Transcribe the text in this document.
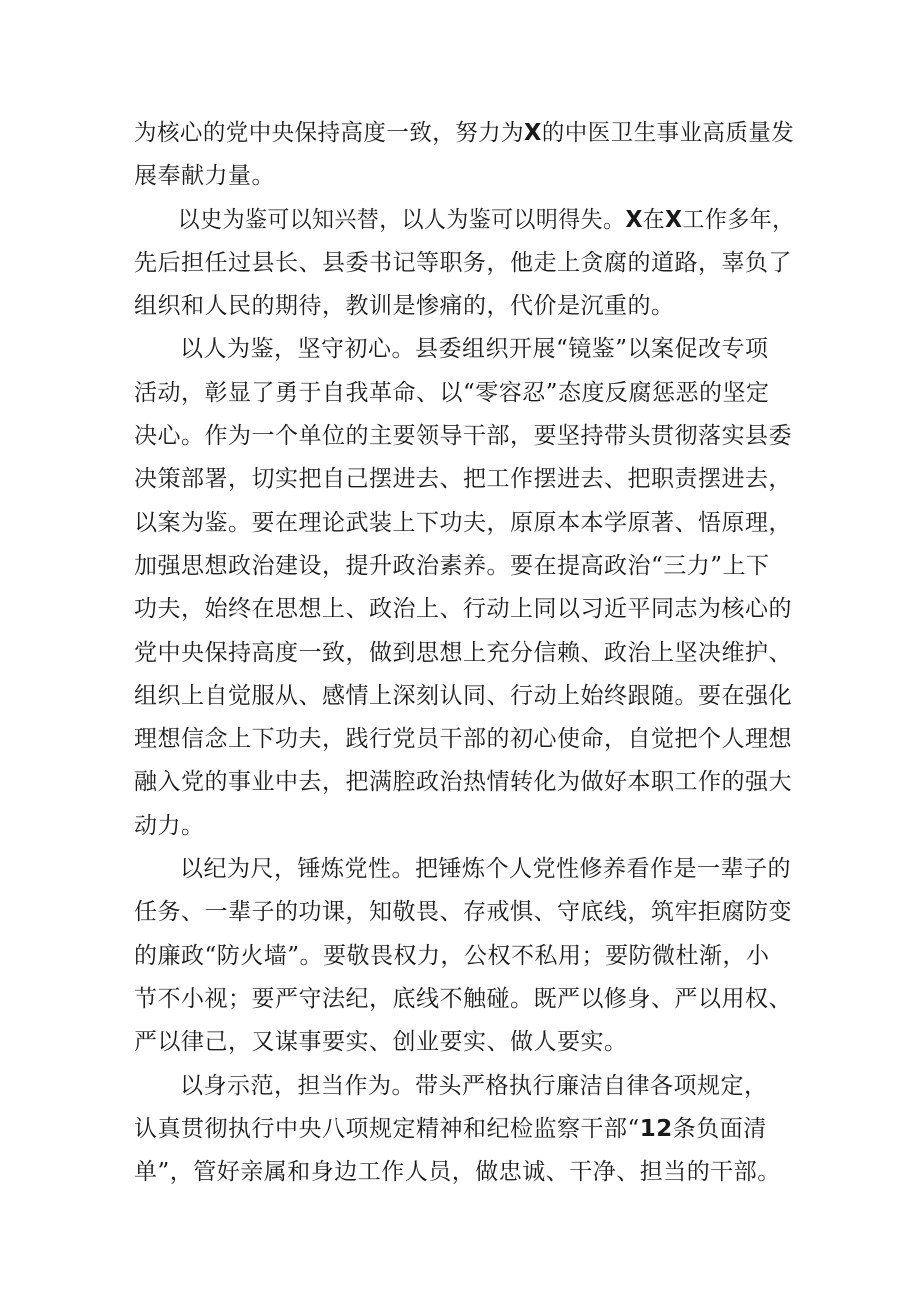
为核心的党中央保持高度一致，努力为X的中医卫生事业高质量发
展奉献力量。
以史为鉴可以知兴替，以人为鉴可以明得失。X在X工作多年，
先后担任过县长、县委书记等职务，他走上贪腐的道路，辜负了
组织和人民的期待，教训是惨痛的，代价是沉重的。
以人为鉴，坚守初心。县委组织开展“镜鉴”以案促改专项
活动，彰显了勇于自我革命、以“零容忍”态度反腐惩恶的坚定
决心。作为一个单位的主要领导干部，要坚持带头贯彻落实县委
决策部署，切实把自己摆进去、把工作摆进去、把职责摆进去，
以案为鉴。要在理论武装上下功夫，原原本本学原著、悟原理，
加强思想政治建设，提升政治素养。要在提高政治“三力”上下
功夫，始终在思想上、政治上、行动上同以习近平同志为核心的
党中央保持高度一致，做到思想上充分信赖、政治上坚决维护、
组织上自觉服从、感情上深刻认同、行动上始终跟随。要在强化
理想信念上下功夫，践行党员干部的初心使命，自觉把个人理想
融入党的事业中去，把满腔政治热情转化为做好本职工作的强大
动力。
以纪为尺，锤炼党性。把锤炼个人党性修养看作是一辈子的
任务、一辈子的功课，知敬畏、存戒惧、守底线，筑牢拒腐防变
的廉政“防火墙”。要敬畏权力，公权不私用；要防微杜渐，小
节不小视；要严守法纪，底线不触碰。既严以修身、严以用权、
严以律己，又谋事要实、创业要实、做人要实。
以身示范，担当作为。带头严格执行廉洁自律各项规定，
认真贯彻执行中央八项规定精神和纪检监察干部“12条负面清
单”，管好亲属和身边工作人员，做忠诚、干净、担当的干部。
